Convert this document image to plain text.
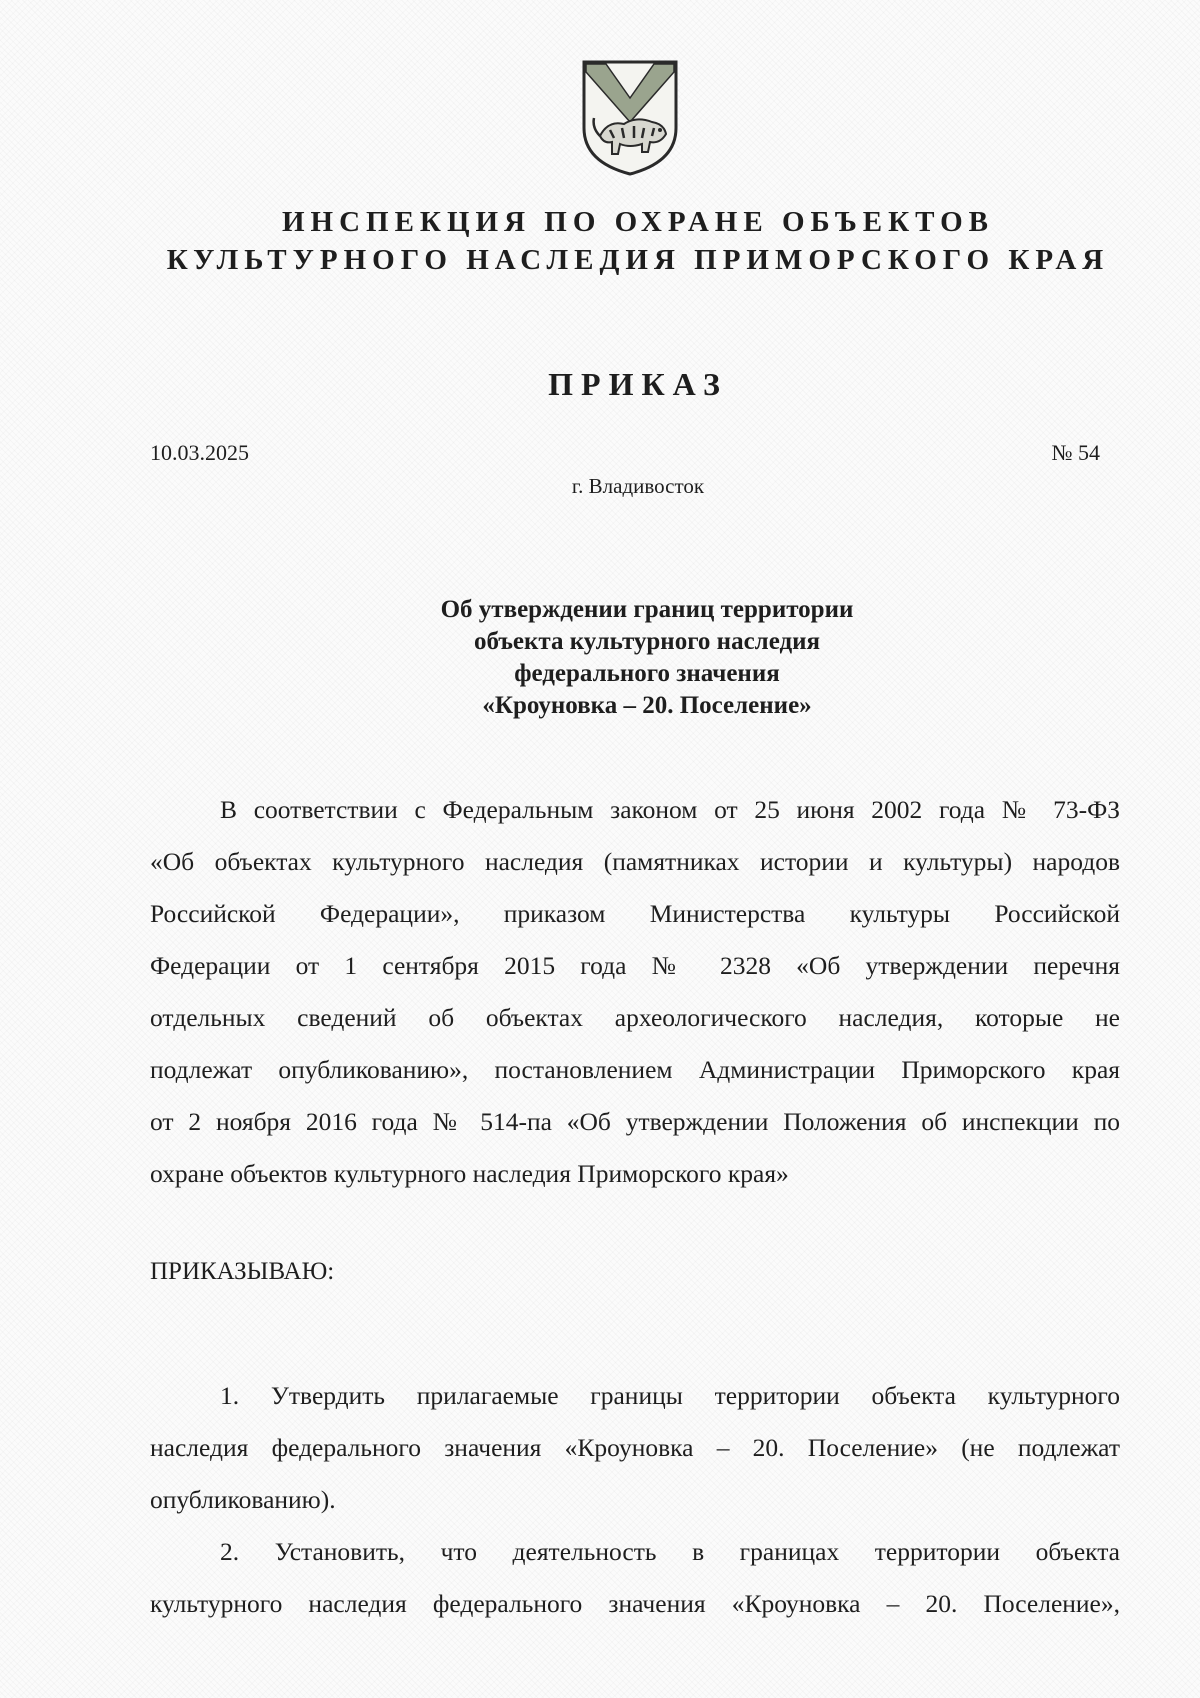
ИНСПЕКЦИЯ ПО ОХРАНЕ ОБЪЕКТОВ
КУЛЬТУРНОГО НАСЛЕДИЯ ПРИМОРСКОГО КРАЯ
ПРИКАЗ
10.03.2025	№ 54
г. Владивосток
Об утверждении границ территории
объекта культурного наследия
федерального значения
«Кроуновка – 20. Поселение»
В соответствии с Федеральным законом от 25 июня 2002 года № 73-ФЗ
«Об объектах культурного наследия (памятниках истории и культуры) народов
Российской Федерации», приказом Министерства культуры Российской
Федерации от 1 сентября 2015 года № 2328 «Об утверждении перечня
отдельных сведений об объектах археологического наследия, которые не
подлежат опубликованию», постановлением Администрации Приморского края
от 2 ноября 2016 года № 514-па «Об утверждении Положения об инспекции по
охране объектов культурного наследия Приморского края»
ПРИКАЗЫВАЮ:
1. Утвердить прилагаемые границы территории объекта культурного
наследия федерального значения «Кроуновка – 20. Поселение» (не подлежат
опубликованию).
2. Установить, что деятельность в границах территории объекта
культурного наследия федерального значения «Кроуновка – 20. Поселение»,
